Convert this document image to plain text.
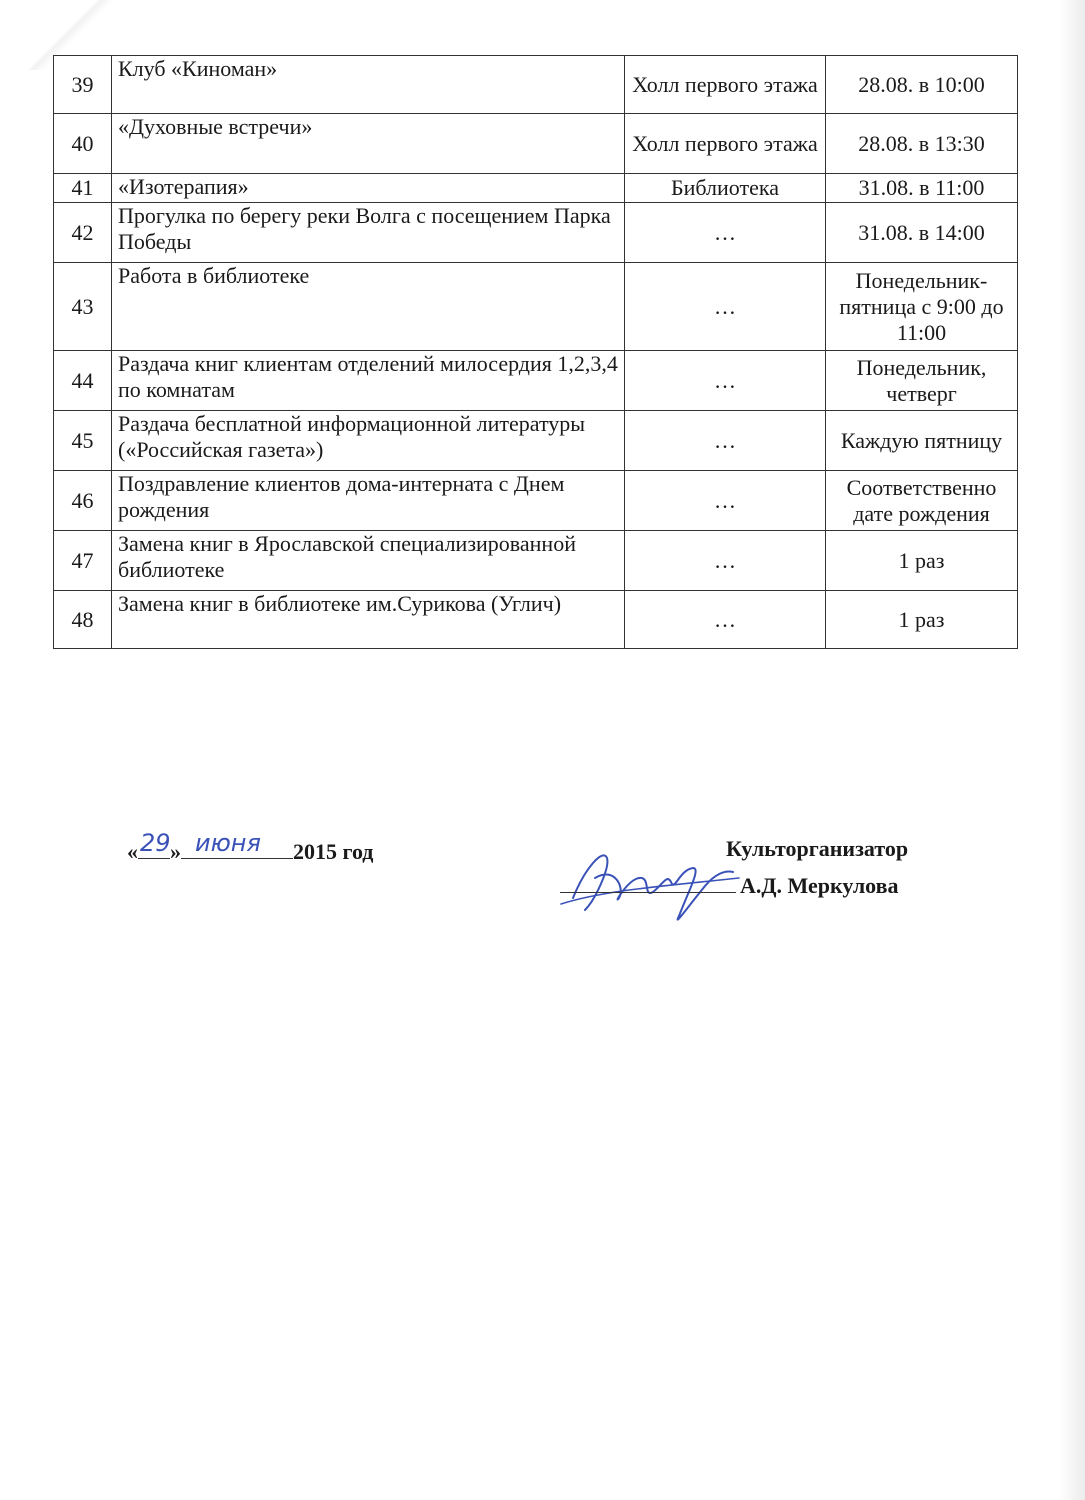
39	Клуб «Киноман»	Холл первого этажа	28.08. в 10:00
40	«Духовные встречи»	Холл первого этажа	28.08. в 13:30
41	«Изотерапия»	Библиотека	31.08. в 11:00
42	Прогулка по берегу реки Волга с посещением Парка Победы	…	31.08. в 14:00
43	Работа в библиотеке	…	Понедельник-пятница с 9:00 до 11:00
44	Раздача книг клиентам отделений милосердия 1,2,3,4 по комнатам	…	Понедельник, четверг
45	Раздача бесплатной информационной литературы («Российская газета»)	…	Каждую пятницу
46	Поздравление клиентов дома-интерната с Днем рождения	…	Соответственно дате рождения
47	Замена книг в Ярославской специализированной библиотеке	…	1 раз
48	Замена книг в библиотеке им.Сурикова (Углич)	…	1 раз
« 29 » июня 2015 год	Культорганизатор
А.Д. Меркулова
